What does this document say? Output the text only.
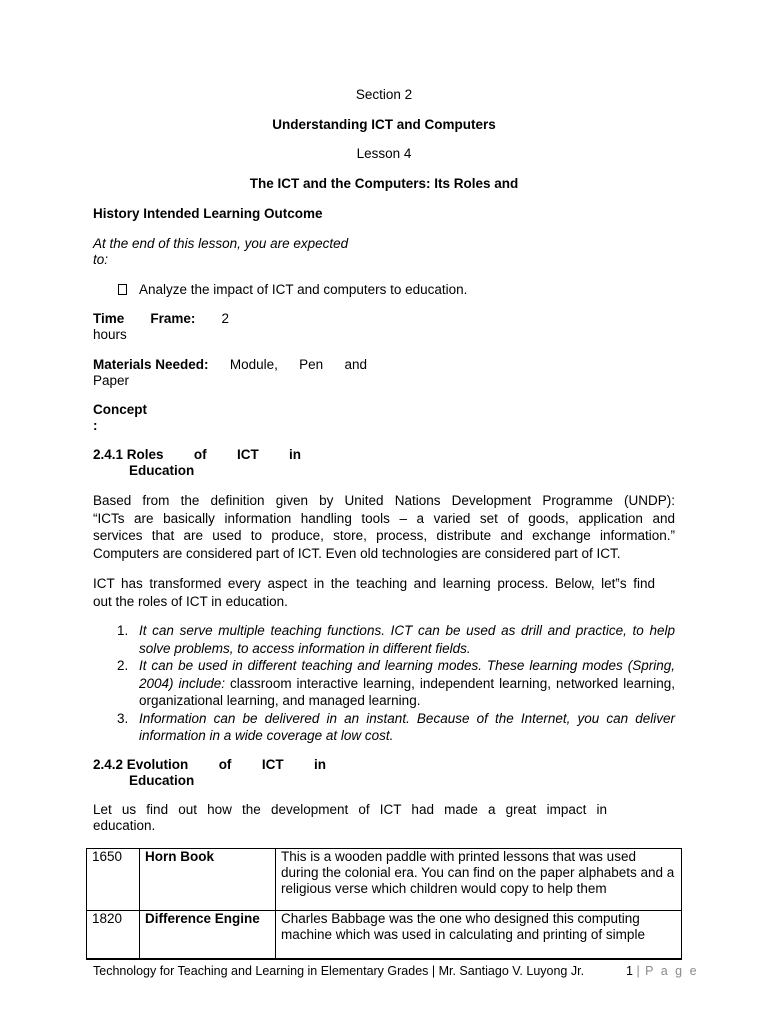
Section 2
Understanding ICT and Computers
Lesson 4
The ICT and the Computers: Its Roles and
History Intended Learning Outcome
At the end of this lesson, you are expected
to:
Analyze the impact of ICT and computers to education.
Time Frame: 2
hours
Materials Needed: Module, Pen and
Paper
Concept
:
2.4.1 Roles of ICT in
Education
Based from the definition given by United Nations Development Programme (UNDP):
“ICTs are basically information handling tools – a varied set of goods, application and
services that are used to produce, store, process, distribute and exchange information.”
Computers are considered part of ICT. Even old technologies are considered part of ICT.
ICT has transformed every aspect in the teaching and learning process. Below, let‟s find
out the roles of ICT in education.
1. It can serve multiple teaching functions. ICT can be used as drill and practice, to help solve problems, to access information in different fields.
2. It can be used in different teaching and learning modes. These learning modes (Spring, 2004) include: classroom interactive learning, independent learning, networked learning, organizational learning, and managed learning.
3. Information can be delivered in an instant. Because of the Internet, you can deliver information in a wide coverage at low cost.
2.4.2 Evolution of ICT in
Education
Let us find out how the development of ICT had made a great impact in
education.
1650	Horn Book	This is a wooden paddle with printed lessons that was used during the colonial era. You can find on the paper alphabets and a religious verse which children would copy to help them
1820	Difference Engine	Charles Babbage was the one who designed this computing machine which was used in calculating and printing of simple
Technology for Teaching and Learning in Elementary Grades | Mr. Santiago V. Luyong Jr.	1 | P a g e
